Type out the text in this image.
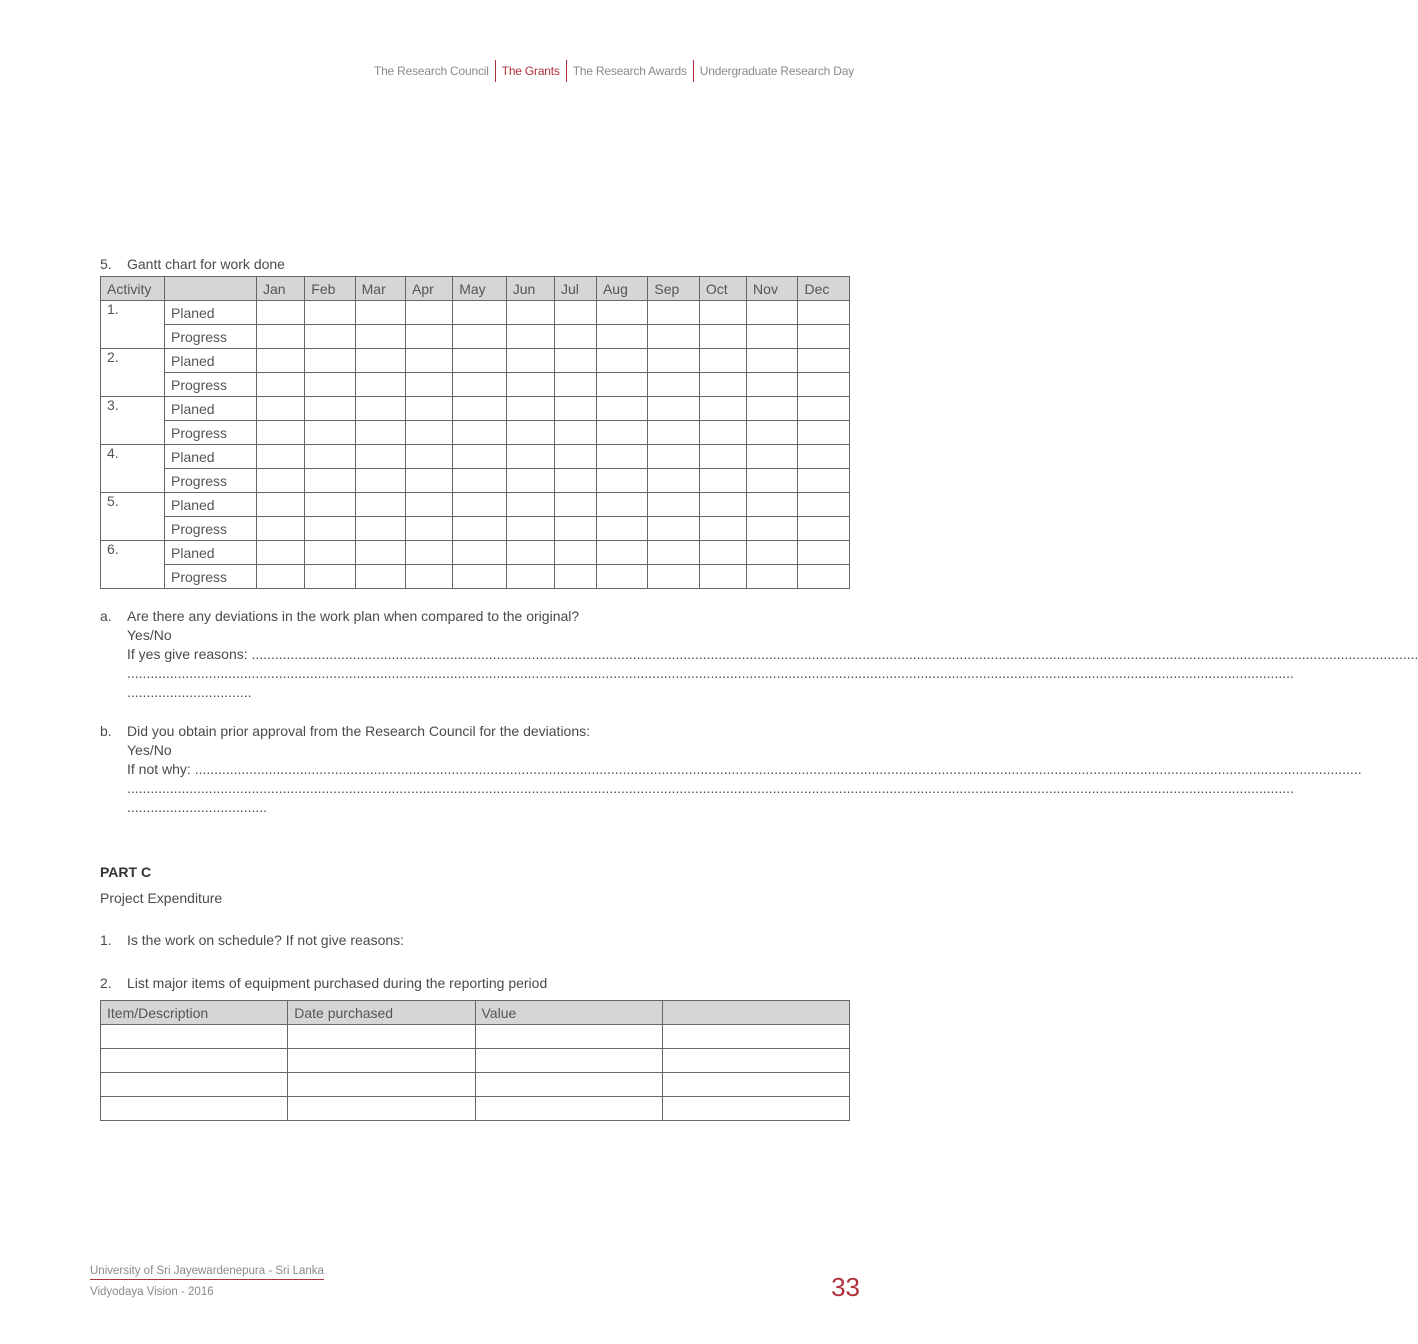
The Research Council	The Grants	The Research Awards	Undergraduate Research Day
5. Gantt chart for work done
Activity		Jan	Feb	Mar	Apr	May	Jun	Jul	Aug	Sep	Oct	Nov	Dec
1.	Planed												
	Progress												
2.	Planed												
	Progress												
3.	Planed												
	Progress												
4.	Planed												
	Progress												
5.	Planed												
	Progress												
6.	Planed												
	Progress												
a. Are there any deviations in the work plan when compared to the original?
Yes/No
If yes give reasons: ............................................................................................................................................................................................................................................................................................................
............................................................................................................................................................................................................................................................................................................
................................
b. Did you obtain prior approval from the Research Council for the deviations:
Yes/No
If not why: ............................................................................................................................................................................................................................................................................................................
............................................................................................................................................................................................................................................................................................................
....................................
PART C
Project Expenditure
1. Is the work on schedule? If not give reasons:
2. List major items of equipment purchased during the reporting period
Item/Description	Date purchased	Value	

University of Sri Jayewardenepura - Sri Lanka
Vidyodaya Vision - 2016	33
